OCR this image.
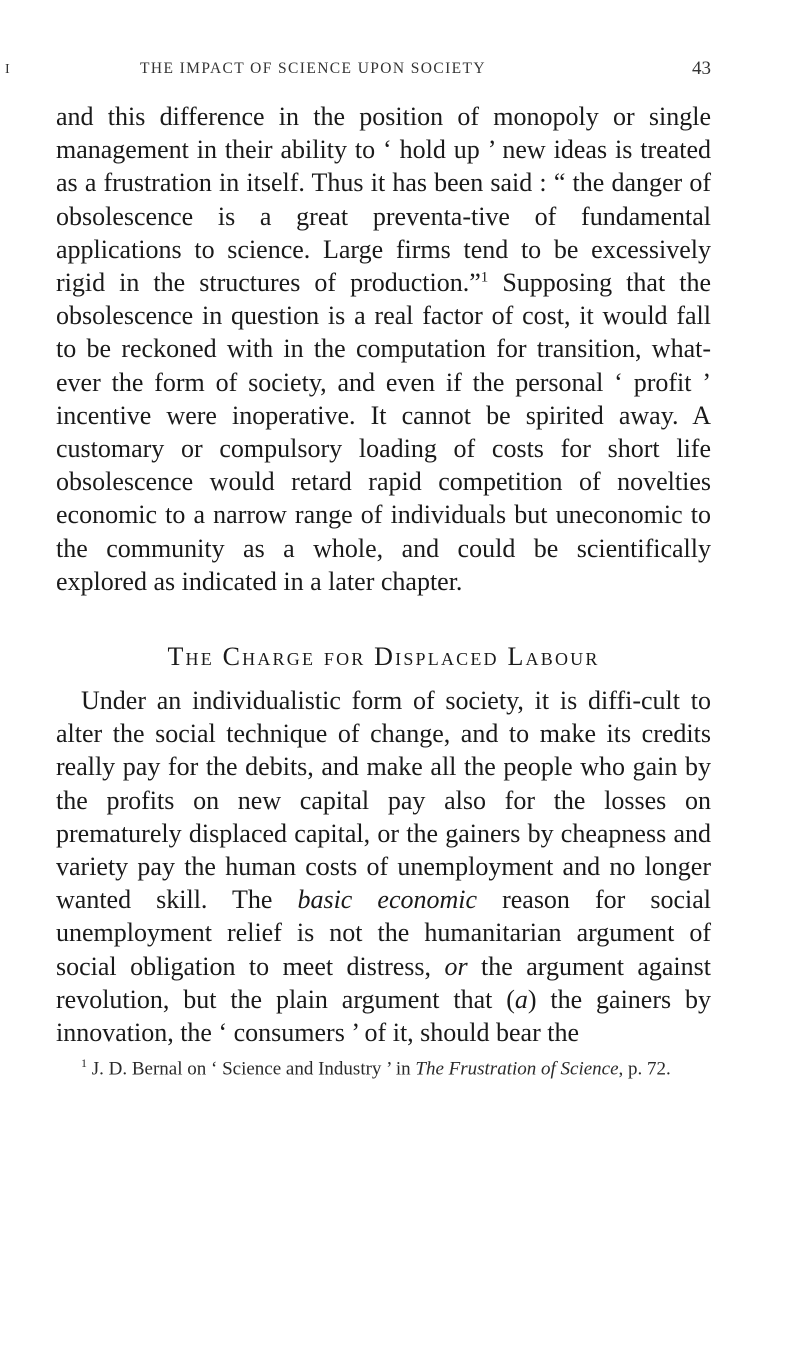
I	THE IMPACT OF SCIENCE UPON SOCIETY	43

and this difference in the position of monopoly or single management in their ability to ‘ hold up ’ new ideas is treated as a frustration in itself. Thus it has been said : “ the danger of obsolescence is a great preventa-tive of fundamental applications to science. Large firms tend to be excessively rigid in the structures of production.”$^1$ Supposing that the obsolescence in question is a real factor of cost, it would fall to be reckoned with in the computation for transition, what-ever the form of society, and even if the personal ‘ profit ’ incentive were inoperative. It cannot be spirited away. A customary or compulsory loading of costs for short life obsolescence would retard rapid competition of novelties economic to a narrow range of individuals but uneconomic to the community as a whole, and could be scientifically explored as indicated in a later chapter.

The Charge for Displaced Labour

Under an individualistic form of society, it is diffi-cult to alter the social technique of change, and to make its credits really pay for the debits, and make all the people who gain by the profits on new capital pay also for the losses on prematurely displaced capital, or the gainers by cheapness and variety pay the human costs of unemployment and no longer wanted skill. The basic economic reason for social unemployment relief is not the humanitarian argument of social obligation to meet distress, or the argument against revolution, but the plain argument that (a) the gainers by innovation, the ‘ consumers ’ of it, should bear the

$^1$ J. D. Bernal on ‘ Science and Industry ’ in The Frustration of Science, p. 72.
